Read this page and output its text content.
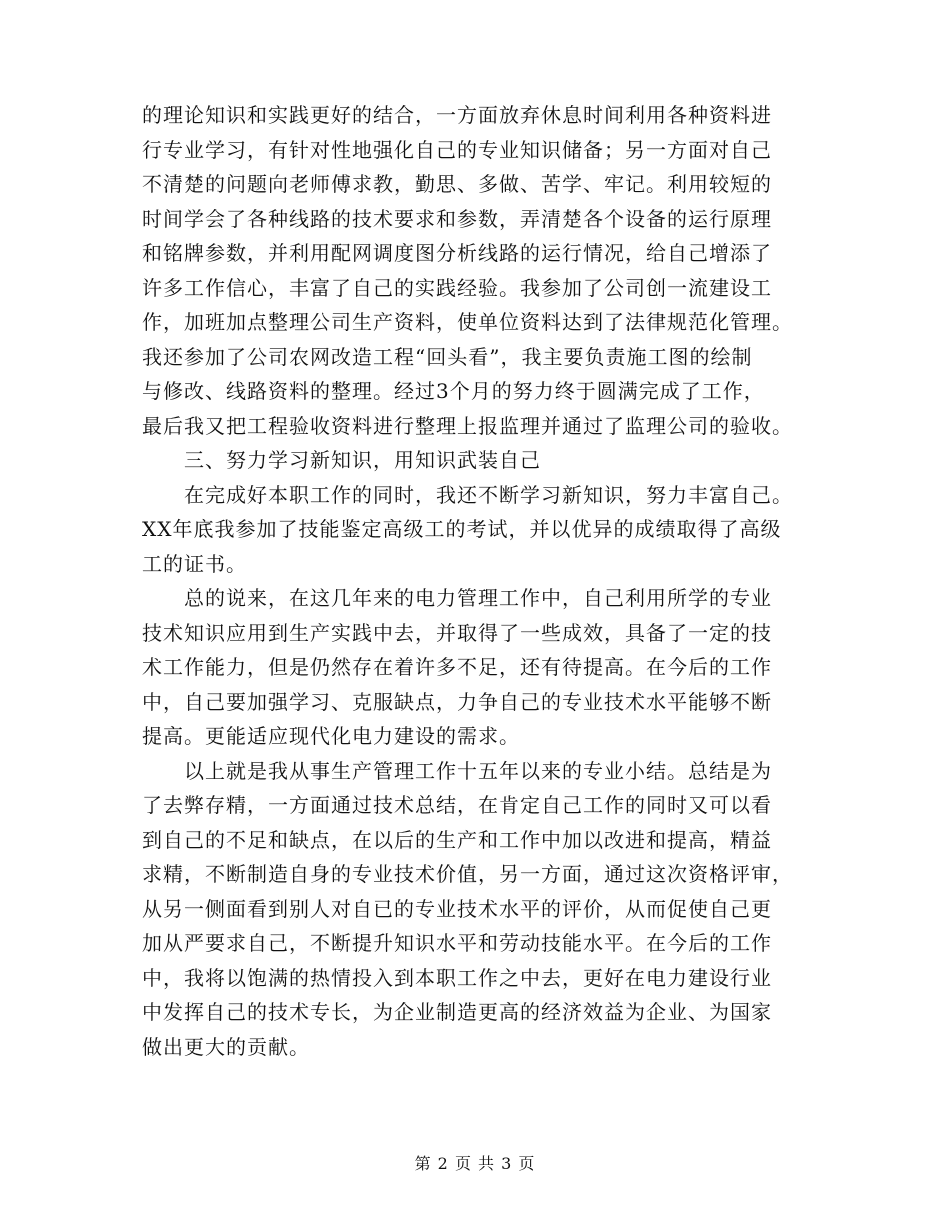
的理论知识和实践更好的结合，一方面放弃休息时间利用各种资料进
行专业学习，有针对性地强化自己的专业知识储备；另一方面对自己
不清楚的问题向老师傅求教，勤思、多做、苦学、牢记。利用较短的
时间学会了各种线路的技术要求和参数，弄清楚各个设备的运行原理
和铭牌参数，并利用配网调度图分析线路的运行情况，给自己增添了
许多工作信心，丰富了自己的实践经验。我参加了公司创一流建设工
作，加班加点整理公司生产资料，使单位资料达到了法律规范化管理。
我还参加了公司农网改造工程“回头看”，我主要负责施工图的绘制
与修改、线路资料的整理。经过3个月的努力终于圆满完成了工作，
最后我又把工程验收资料进行整理上报监理并通过了监理公司的验收。
　　三、努力学习新知识，用知识武装自己
　　在完成好本职工作的同时，我还不断学习新知识，努力丰富自己。
XX年底我参加了技能鉴定高级工的考试，并以优异的成绩取得了高级
工的证书。
　　总的说来，在这几年来的电力管理工作中，自己利用所学的专业
技术知识应用到生产实践中去，并取得了一些成效，具备了一定的技
术工作能力，但是仍然存在着许多不足，还有待提高。在今后的工作
中，自己要加强学习、克服缺点，力争自己的专业技术水平能够不断
提高。更能适应现代化电力建设的需求。
　　以上就是我从事生产管理工作十五年以来的专业小结。总结是为
了去弊存精，一方面通过技术总结，在肯定自己工作的同时又可以看
到自己的不足和缺点，在以后的生产和工作中加以改进和提高，精益
求精，不断制造自身的专业技术价值，另一方面，通过这次资格评审，
从另一侧面看到别人对自已的专业技术水平的评价，从而促使自己更
加从严要求自己，不断提升知识水平和劳动技能水平。在今后的工作
中，我将以饱满的热情投入到本职工作之中去，更好在电力建设行业
中发挥自己的技术专长，为企业制造更高的经济效益为企业、为国家
做出更大的贡献。
第 2 页 共 3 页
